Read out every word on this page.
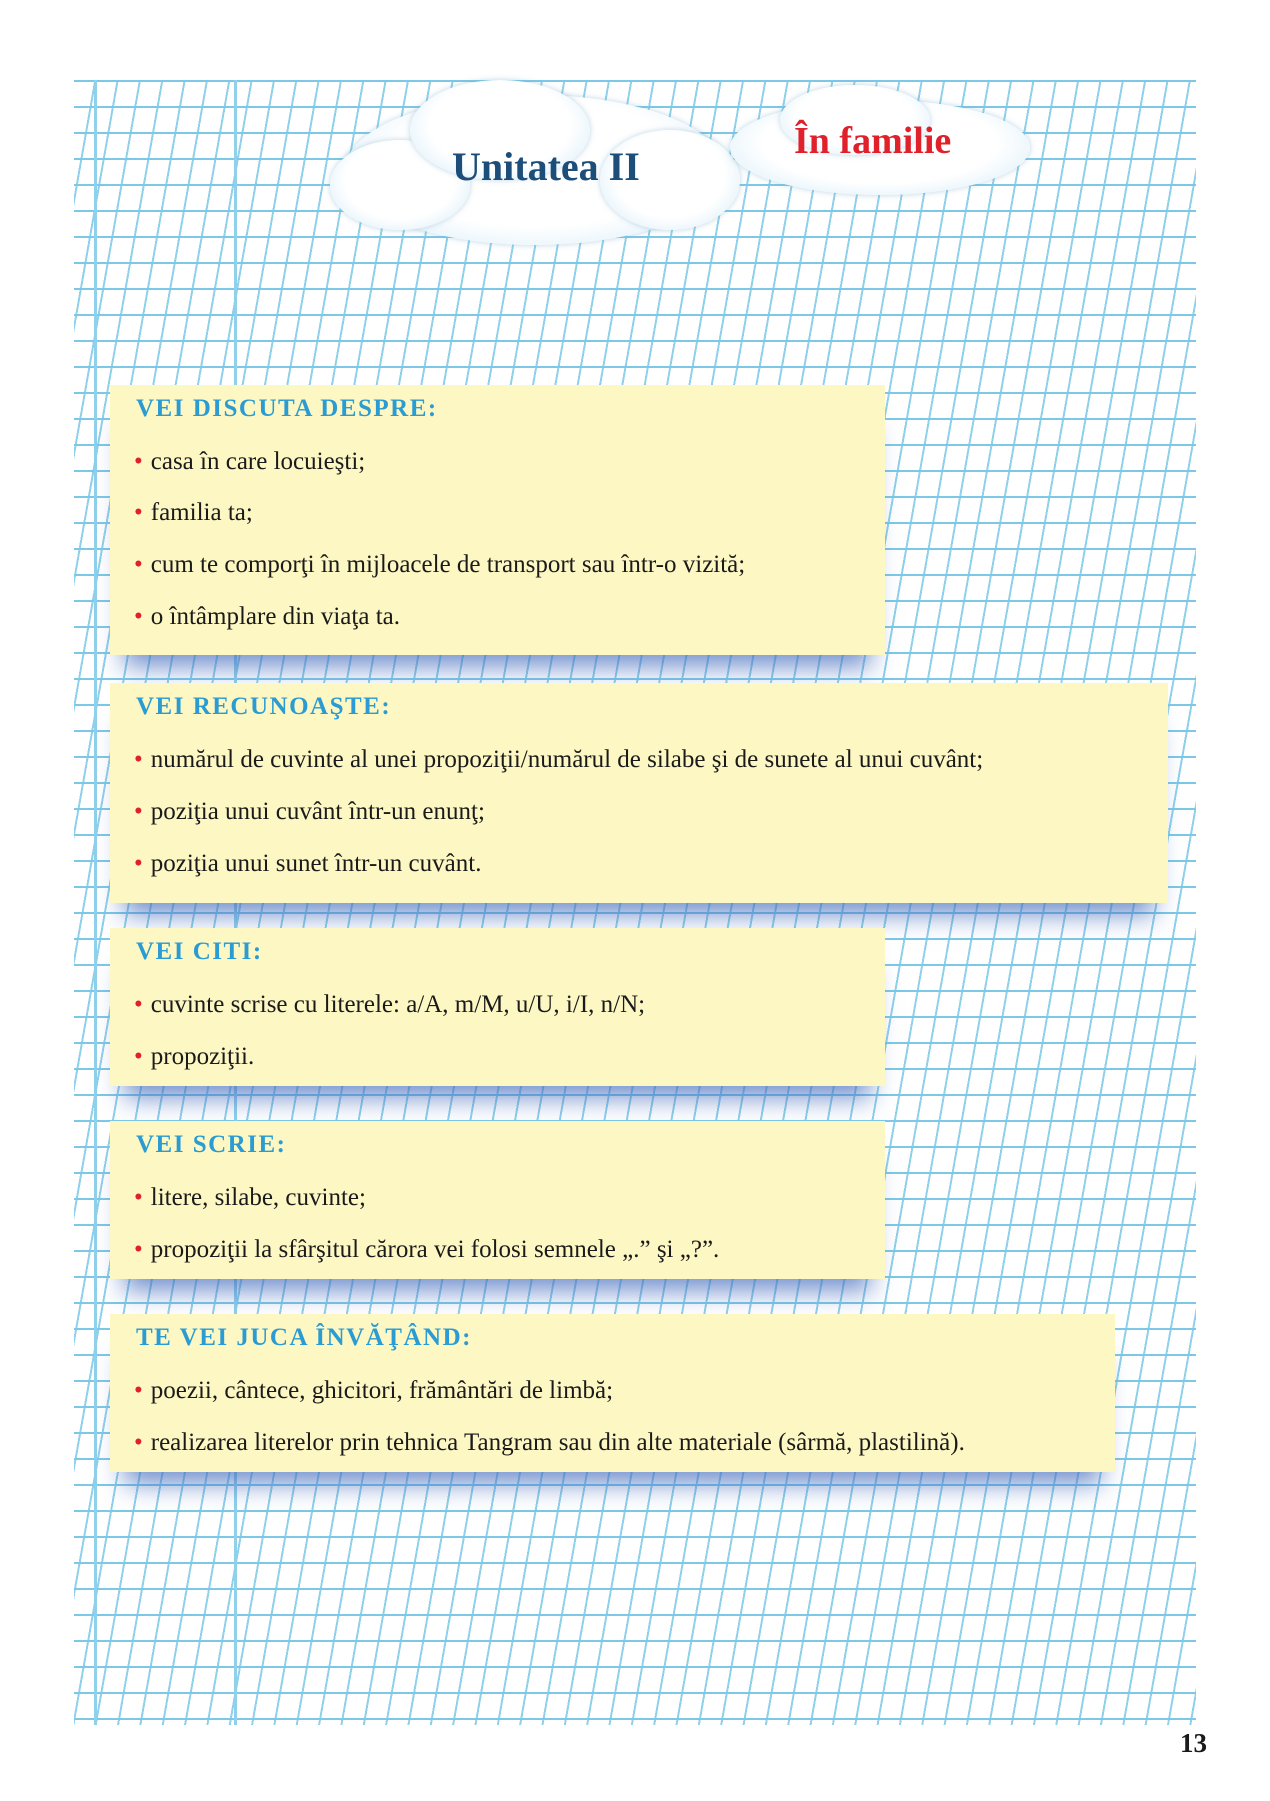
Unitatea II
În familie
VEI DISCUTA DESPRE:
• casa în care locuieşti;
• familia ta;
• cum te comporţi în mijloacele de transport sau într-o vizită;
• o întâmplare din viaţa ta.
VEI RECUNOAŞTE:
• numărul de cuvinte al unei propoziţii/numărul de silabe şi de sunete al unui cuvânt;
• poziţia unui cuvânt într-un enunţ;
• poziţia unui sunet într-un cuvânt.
VEI CITI:
• cuvinte scrise cu literele: a/A, m/M, u/U, i/I, n/N;
• propoziţii.
VEI SCRIE:
• litere, silabe, cuvinte;
• propoziţii la sfârşitul cărora vei folosi semnele „.” şi „?”.
TE VEI JUCA ÎNVĂŢÂND:
• poezii, cântece, ghicitori, frământări de limbă;
• realizarea literelor prin tehnica Tangram sau din alte materiale (sârmă, plastilină).
13
